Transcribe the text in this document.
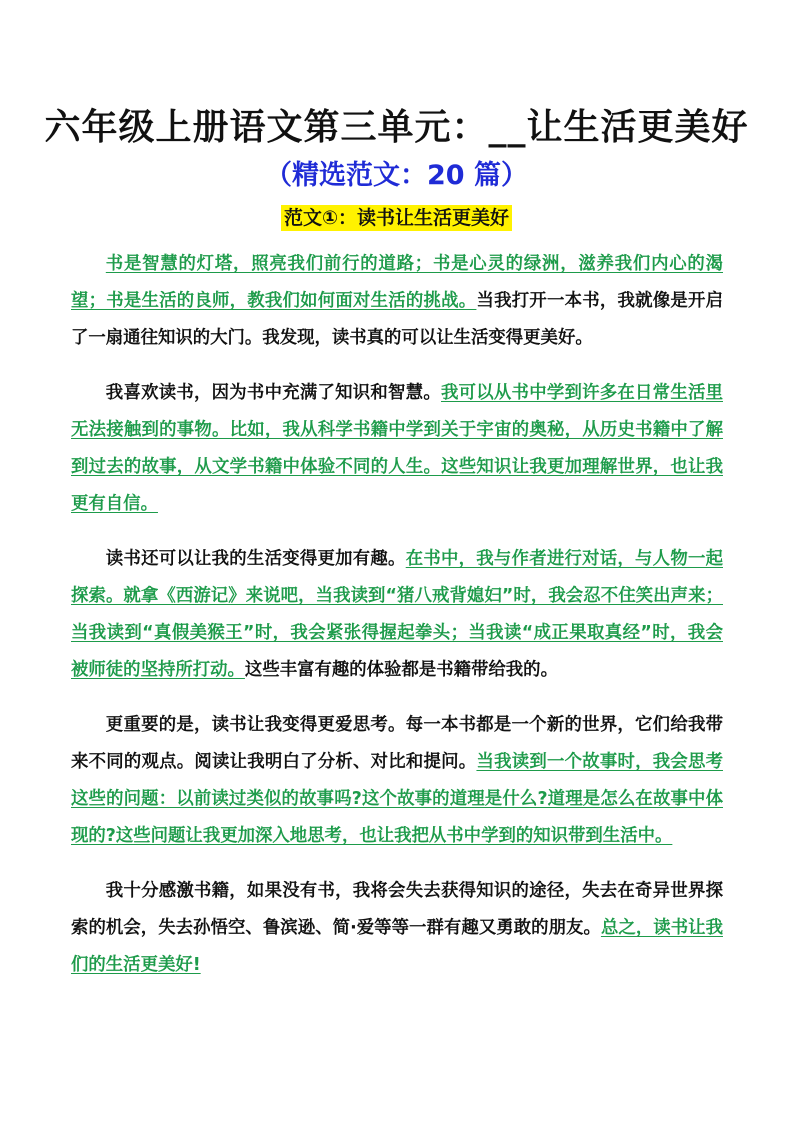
六年级上册语文第三单元：__让生活更美好
（精选范文：20 篇）
范文①：读书让生活更美好

书是智慧的灯塔，照亮我们前行的道路；书是心灵的绿洲，滋养我们内心的渴望；书是生活的良师，教我们如何面对生活的挑战。当我打开一本书，我就像是开启了一扇通往知识的大门。我发现，读书真的可以让生活变得更美好。

我喜欢读书，因为书中充满了知识和智慧。我可以从书中学到许多在日常生活里无法接触到的事物。比如，我从科学书籍中学到关于宇宙的奥秘，从历史书籍中了解到过去的故事，从文学书籍中体验不同的人生。这些知识让我更加理解世界，也让我更有自信。

读书还可以让我的生活变得更加有趣。在书中，我与作者进行对话，与人物一起探索。就拿《西游记》来说吧，当我读到“猪八戒背媳妇”时，我会忍不住笑出声来；当我读到“真假美猴王”时，我会紧张得握起拳头；当我读“成正果取真经”时，我会被师徒的坚持所打动。这些丰富有趣的体验都是书籍带给我的。

更重要的是，读书让我变得更爱思考。每一本书都是一个新的世界，它们给我带来不同的观点。阅读让我明白了分析、对比和提问。当我读到一个故事时，我会思考这些的问题：以前读过类似的故事吗?这个故事的道理是什么?道理是怎么在故事中体现的?这些问题让我更加深入地思考，也让我把从书中学到的知识带到生活中。

我十分感激书籍，如果没有书，我将会失去获得知识的途径，失去在奇异世界探索的机会，失去孙悟空、鲁滨逊、简·爱等等一群有趣又勇敢的朋友。总之，读书让我们的生活更美好!
